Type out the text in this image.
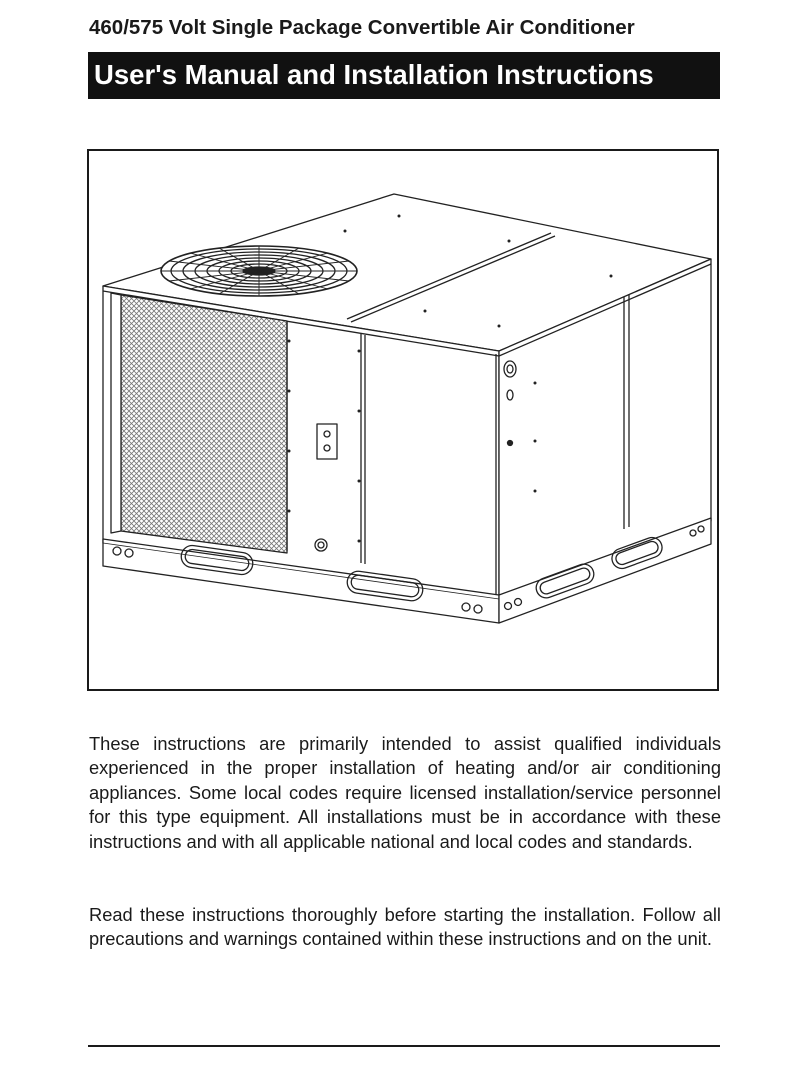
460/575 Volt Single Package Convertible Air Conditioner
User's Manual and Installation Instructions

These instructions are primarily intended to assist qualified individuals experienced in the proper installation of heating and/or air conditioning appliances. Some local codes require licensed installation/service personnel for this type equipment. All installations must be in accordance with these instructions and with all applicable national and local codes and standards.

Read these instructions thoroughly before starting the installation. Follow all precautions and warnings contained within these instructions and on the unit.
